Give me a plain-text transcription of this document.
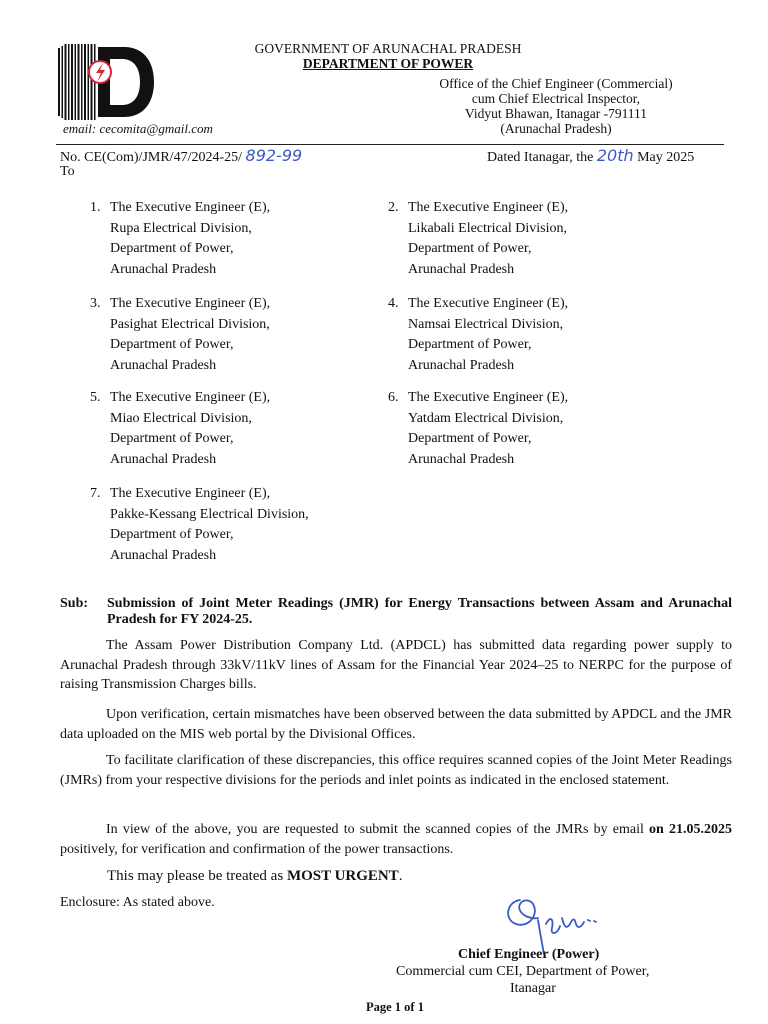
email: cecomita@gmail.com
GOVERNMENT OF ARUNACHAL PRADESH
DEPARTMENT OF POWER
Office of the Chief Engineer (Commercial)
cum Chief Electrical Inspector,
Vidyut Bhawan, Itanagar -791111
(Arunachal Pradesh)
No. CE(Com)/JMR/47/2024-25/ 892-99
To
Dated Itanagar, the 20th May 2025
1. The Executive Engineer (E),
Rupa Electrical Division,
Department of Power,
Arunachal Pradesh
2. The Executive Engineer (E),
Likabali Electrical Division,
Department of Power,
Arunachal Pradesh
3. The Executive Engineer (E),
Pasighat Electrical Division,
Department of Power,
Arunachal Pradesh
4. The Executive Engineer (E),
Namsai Electrical Division,
Department of Power,
Arunachal Pradesh
5. The Executive Engineer (E),
Miao Electrical Division,
Department of Power,
Arunachal Pradesh
6. The Executive Engineer (E),
Yatdam Electrical Division,
Department of Power,
Arunachal Pradesh
7. The Executive Engineer (E),
Pakke-Kessang Electrical Division,
Department of Power,
Arunachal Pradesh
Sub: Submission of Joint Meter Readings (JMR) for Energy Transactions between Assam and Arunachal Pradesh for FY 2024-25.
The Assam Power Distribution Company Ltd. (APDCL) has submitted data regarding power supply to Arunachal Pradesh through 33kV/11kV lines of Assam for the Financial Year 2024–25 to NERPC for the purpose of raising Transmission Charges bills.
Upon verification, certain mismatches have been observed between the data submitted by APDCL and the JMR data uploaded on the MIS web portal by the Divisional Offices.
To facilitate clarification of these discrepancies, this office requires scanned copies of the Joint Meter Readings (JMRs) from your respective divisions for the periods and inlet points as indicated in the enclosed statement.
In view of the above, you are requested to submit the scanned copies of the JMRs by email on 21.05.2025 positively, for verification and confirmation of the power transactions.
This may please be treated as MOST URGENT.
Enclosure: As stated above.
Chief Engineer (Power)
Commercial cum CEI, Department of Power,
Itanagar
Page 1 of 1
